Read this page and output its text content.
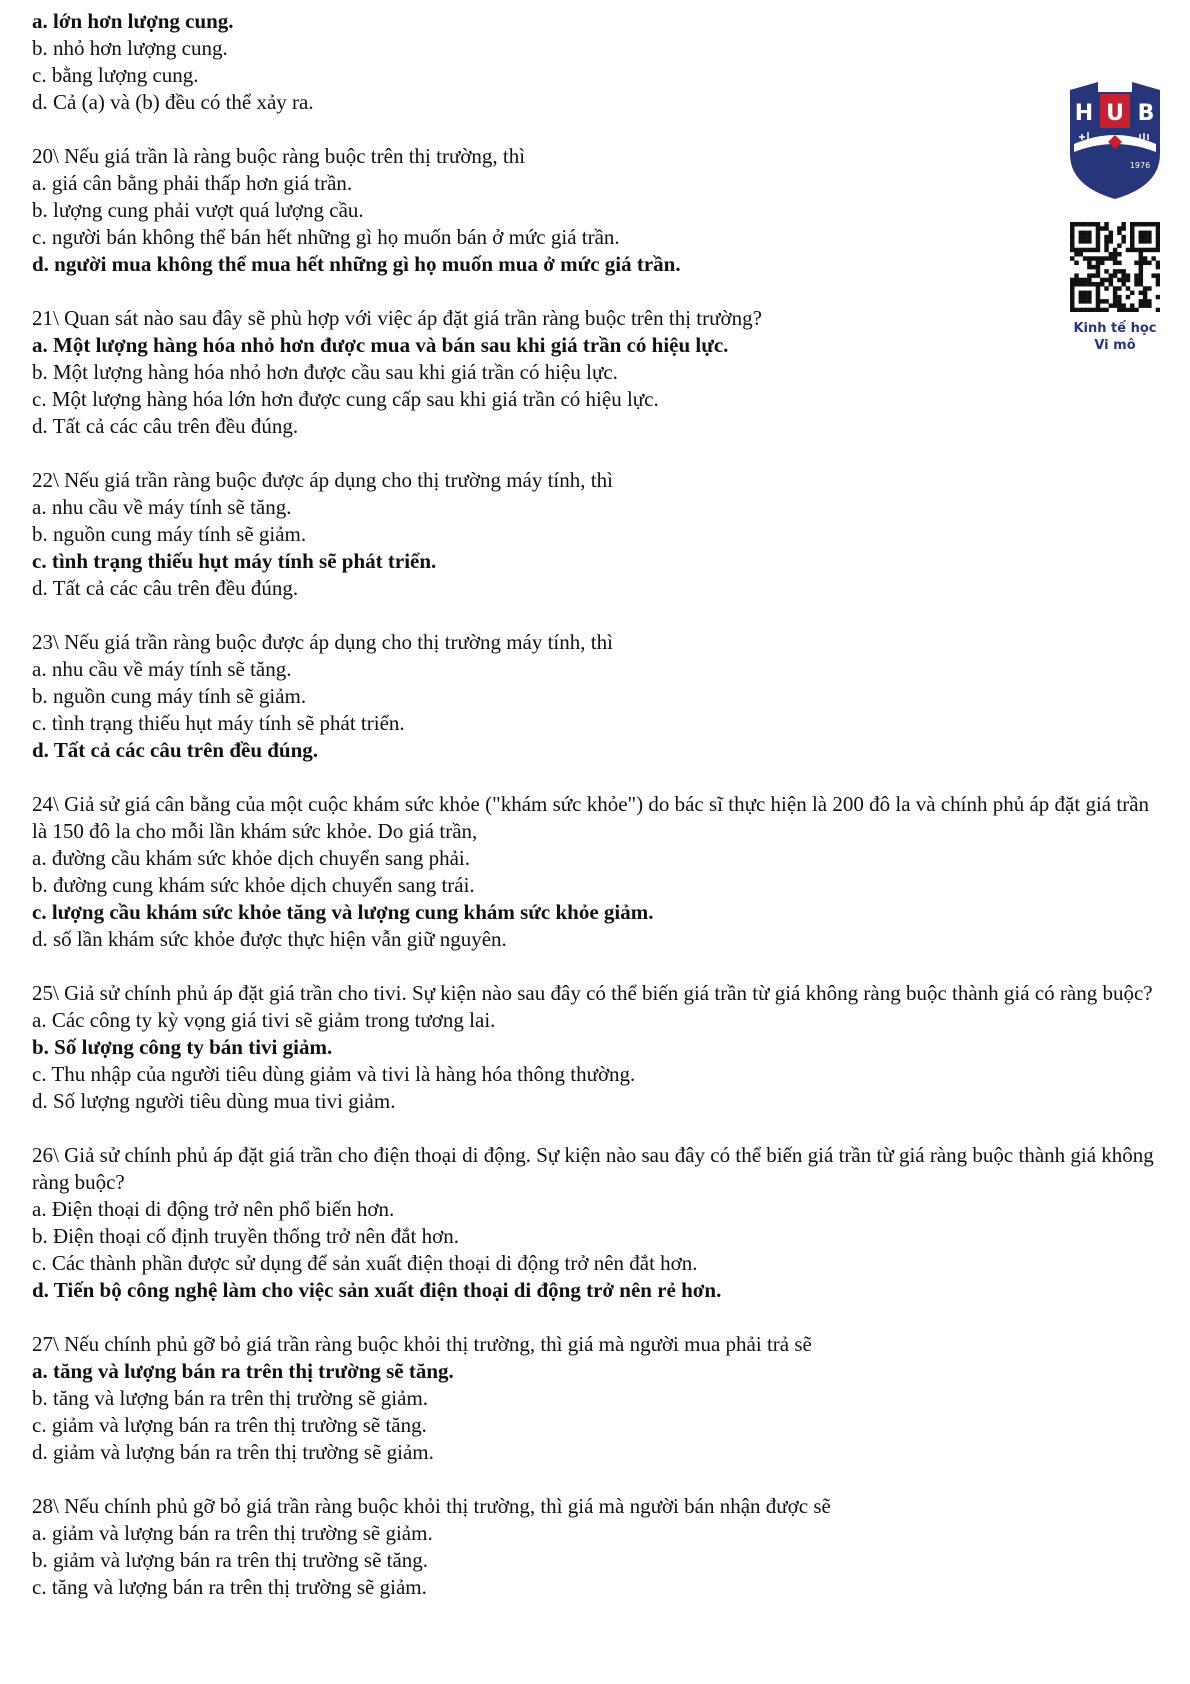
a. lớn hơn lượng cung.
b. nhỏ hơn lượng cung.
c. bằng lượng cung.
d. Cả (a) và (b) đều có thể xảy ra.
20\ Nếu giá trần là ràng buộc ràng buộc trên thị trường, thì
a. giá cân bằng phải thấp hơn giá trần.
b. lượng cung phải vượt quá lượng cầu.
c. người bán không thể bán hết những gì họ muốn bán ở mức giá trần.
d. người mua không thể mua hết những gì họ muốn mua ở mức giá trần.
21\ Quan sát nào sau đây sẽ phù hợp với việc áp đặt giá trần ràng buộc trên thị trường?
a. Một lượng hàng hóa nhỏ hơn được mua và bán sau khi giá trần có hiệu lực.
b. Một lượng hàng hóa nhỏ hơn được cầu sau khi giá trần có hiệu lực.
c. Một lượng hàng hóa lớn hơn được cung cấp sau khi giá trần có hiệu lực.
d. Tất cả các câu trên đều đúng.
22\ Nếu giá trần ràng buộc được áp dụng cho thị trường máy tính, thì
a. nhu cầu về máy tính sẽ tăng.
b. nguồn cung máy tính sẽ giảm.
c. tình trạng thiếu hụt máy tính sẽ phát triển.
d. Tất cả các câu trên đều đúng.
23\ Nếu giá trần ràng buộc được áp dụng cho thị trường máy tính, thì
a. nhu cầu về máy tính sẽ tăng.
b. nguồn cung máy tính sẽ giảm.
c. tình trạng thiếu hụt máy tính sẽ phát triển.
d. Tất cả các câu trên đều đúng.
24\ Giả sử giá cân bằng của một cuộc khám sức khỏe ("khám sức khỏe") do bác sĩ thực hiện là 200 đô la và chính phủ áp đặt giá trần là 150 đô la cho mỗi lần khám sức khỏe. Do giá trần,
a. đường cầu khám sức khỏe dịch chuyển sang phải.
b. đường cung khám sức khỏe dịch chuyển sang trái.
c. lượng cầu khám sức khỏe tăng và lượng cung khám sức khỏe giảm.
d. số lần khám sức khỏe được thực hiện vẫn giữ nguyên.
25\ Giả sử chính phủ áp đặt giá trần cho tivi. Sự kiện nào sau đây có thể biến giá trần từ giá không ràng buộc thành giá có ràng buộc?
a. Các công ty kỳ vọng giá tivi sẽ giảm trong tương lai.
b. Số lượng công ty bán tivi giảm.
c. Thu nhập của người tiêu dùng giảm và tivi là hàng hóa thông thường.
d. Số lượng người tiêu dùng mua tivi giảm.
26\ Giả sử chính phủ áp đặt giá trần cho điện thoại di động. Sự kiện nào sau đây có thể biến giá trần từ giá ràng buộc thành giá không ràng buộc?
a. Điện thoại di động trở nên phổ biến hơn.
b. Điện thoại cố định truyền thống trở nên đắt hơn.
c. Các thành phần được sử dụng để sản xuất điện thoại di động trở nên đắt hơn.
d. Tiến bộ công nghệ làm cho việc sản xuất điện thoại di động trở nên rẻ hơn.
27\ Nếu chính phủ gỡ bỏ giá trần ràng buộc khỏi thị trường, thì giá mà người mua phải trả sẽ
a. tăng và lượng bán ra trên thị trường sẽ tăng.
b. tăng và lượng bán ra trên thị trường sẽ giảm.
c. giảm và lượng bán ra trên thị trường sẽ tăng.
d. giảm và lượng bán ra trên thị trường sẽ giảm.
28\ Nếu chính phủ gỡ bỏ giá trần ràng buộc khỏi thị trường, thì giá mà người bán nhận được sẽ
a. giảm và lượng bán ra trên thị trường sẽ giảm.
b. giảm và lượng bán ra trên thị trường sẽ tăng.
c. tăng và lượng bán ra trên thị trường sẽ giảm.
H U B
1976
Kinh tế học
Vi mô
